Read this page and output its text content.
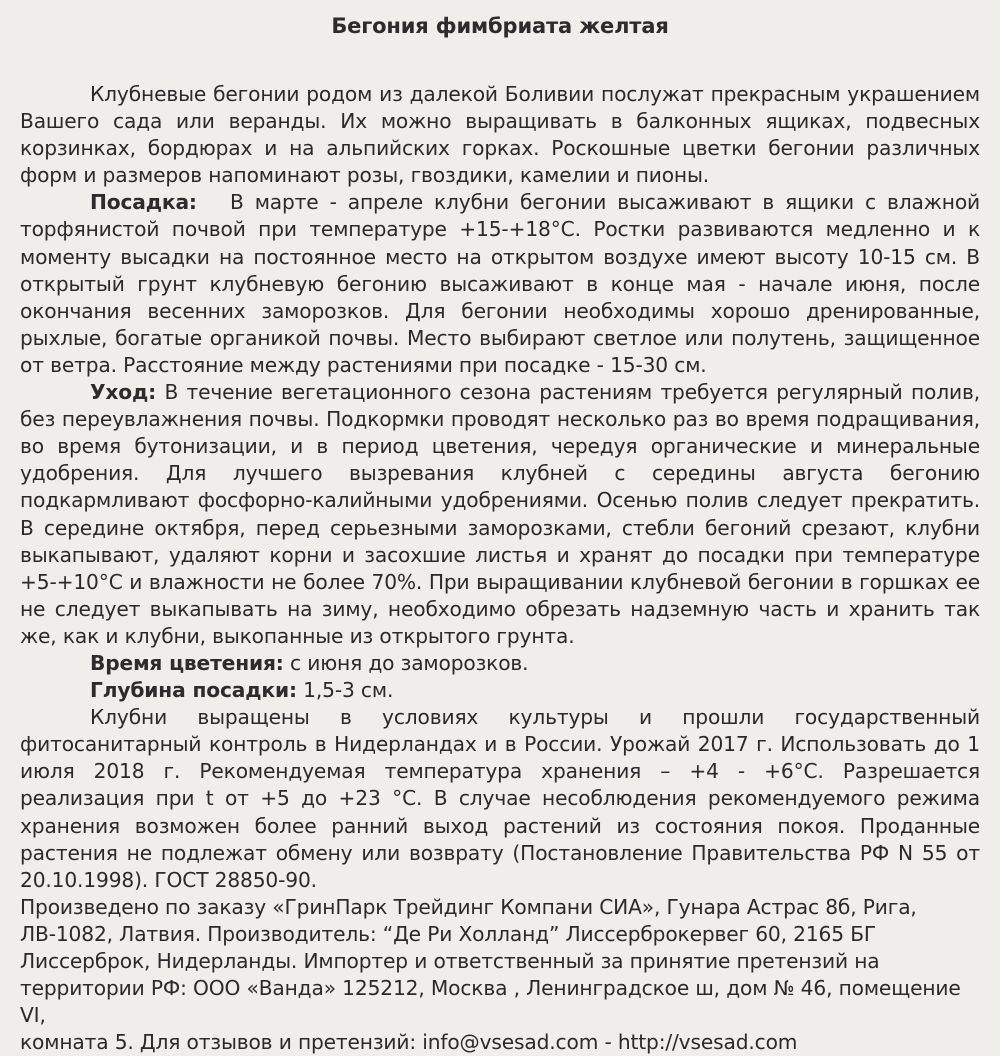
Бегония фимбриата желтая

Клубневые бегонии родом из далекой Боливии послужат прекрасным украшением Вашего сада или веранды. Их можно выращивать в балконных ящиках, подвесных корзинках, бордюрах и на альпийских горках. Роскошные цветки бегонии различных форм и размеров напоминают розы, гвоздики, камелии и пионы.

Посадка: В марте - апреле клубни бегонии высаживают в ящики с влажной торфянистой почвой при температуре +15-+18°С. Ростки развиваются медленно и к моменту высадки на постоянное место на открытом воздухе имеют высоту 10-15 см. В открытый грунт клубневую бегонию высаживают в конце мая - начале июня, после окончания весенних заморозков. Для бегонии необходимы хорошо дренированные, рыхлые, богатые органикой почвы. Место выбирают светлое или полутень, защищенное от ветра. Расстояние между растениями при посадке - 15-30 см.

Уход: В течение вегетационного сезона растениям требуется регулярный полив, без переувлажнения почвы. Подкормки проводят несколько раз во время подращивания, во время бутонизации, и в период цветения, чередуя органические и минеральные удобрения. Для лучшего вызревания клубней с середины августа бегонию подкармливают фосфорно-калийными удобрениями. Осенью полив следует прекратить. В середине октября, перед серьезными заморозками, стебли бегоний срезают, клубни выкапывают, удаляют корни и засохшие листья и хранят до посадки при температуре +5-+10°С и влажности не более 70%. При выращивании клубневой бегонии в горшках ее не следует выкапывать на зиму, необходимо обрезать надземную часть и хранить так же, как и клубни, выкопанные из открытого грунта.

Время цветения: с июня до заморозков.

Глубина посадки: 1,5-3 см.

Клубни выращены в условиях культуры и прошли государственный фитосанитарный контроль в Нидерландах и в России. Урожай 2017 г. Использовать до 1 июля 2018 г. Рекомендуемая температура хранения – +4 - +6°С. Разрешается реализация при t от +5 до +23 °С. В случае несоблюдения рекомендуемого режима хранения возможен более ранний выход растений из состояния покоя. Проданные растения не подлежат обмену или возврату (Постановление Правительства РФ N 55 от 20.10.1998). ГОСТ 28850-90.

Произведено по заказу «ГринПарк Трейдинг Компани СИА», Гунара Астрас 8б, Рига,

ЛВ-1082, Латвия. Производитель: “Де Ри Холланд” Лиссерброкервег 60, 2165 БГ

Лиссерброк, Нидерланды. Импортер и ответственный за принятие претензий на

территории РФ: ООО «Ванда» 125212, Москва , Ленинградское ш, дом № 46, помещение VI,

комната 5. Для отзывов и претензий: info@vsesad.com - http://vsesad.com
